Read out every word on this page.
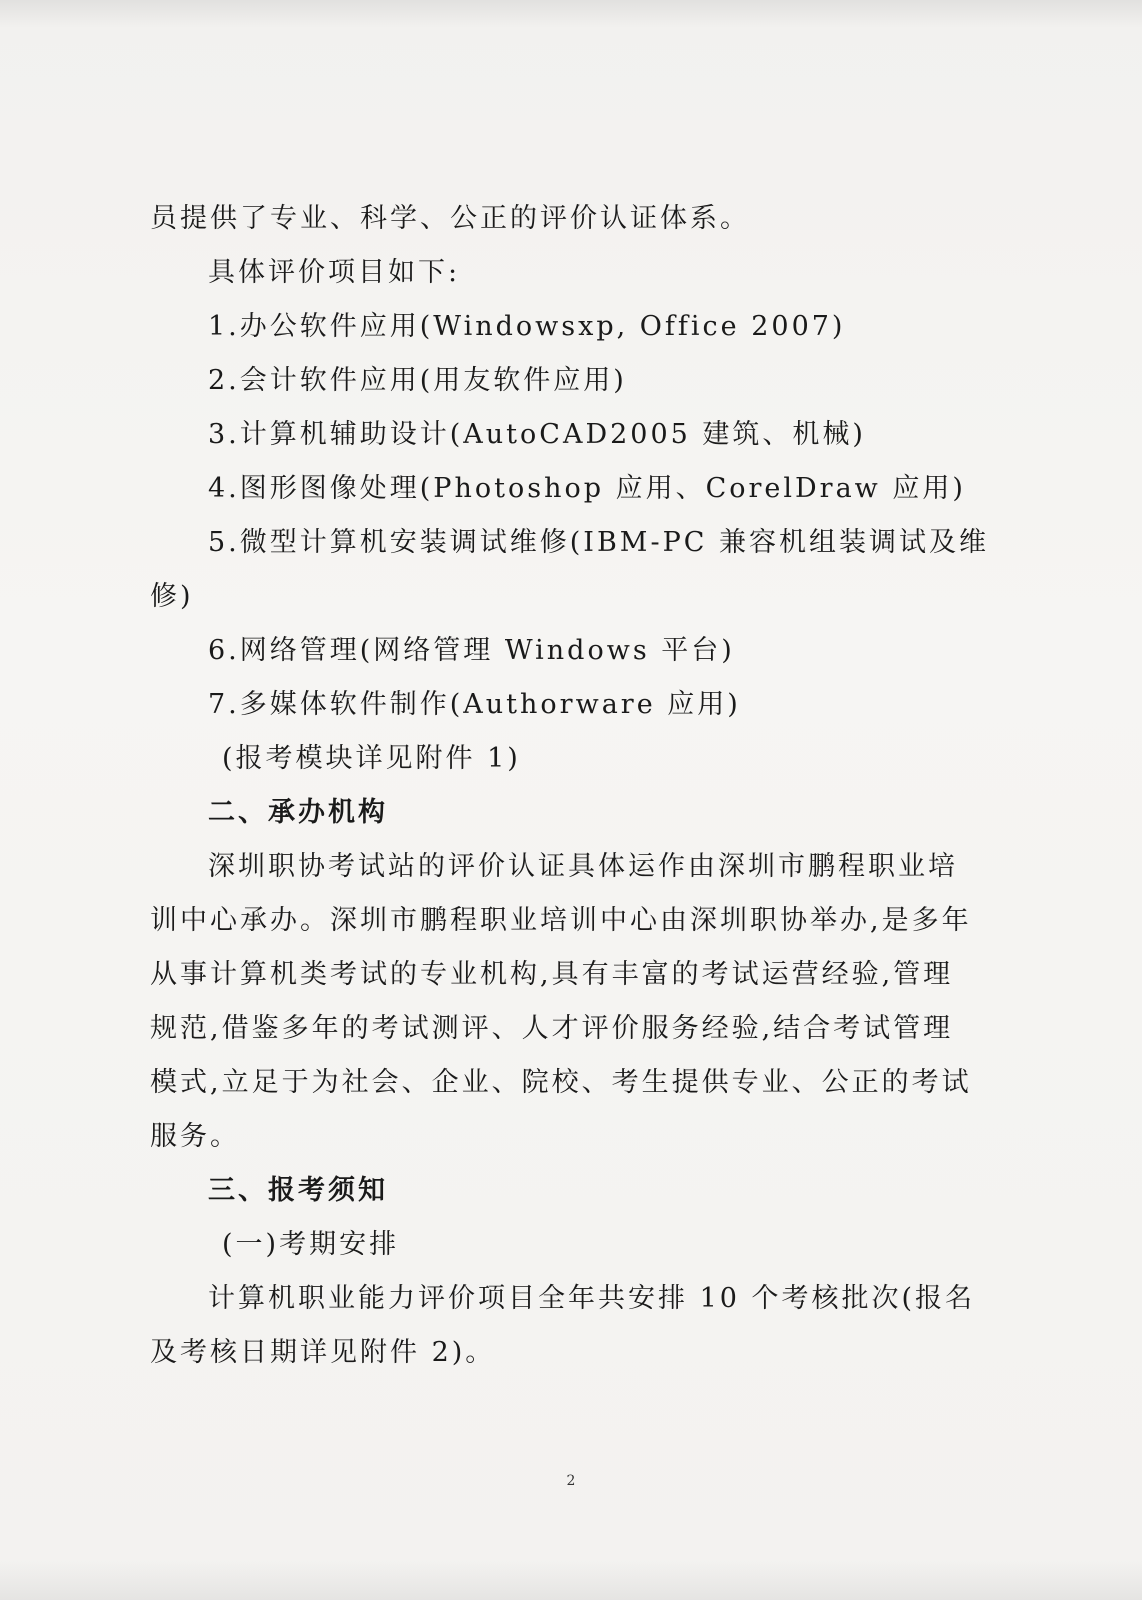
员提供了专业、科学、公正的评价认证体系。
具体评价项目如下:
1.办公软件应用(Windowsxp, Office 2007)
2.会计软件应用(用友软件应用)
3.计算机辅助设计(AutoCAD2005 建筑、机械)
4.图形图像处理(Photoshop 应用、CorelDraw 应用)
5.微型计算机安装调试维修(IBM-PC 兼容机组装调试及维
修)
6.网络管理(网络管理 Windows 平台)
7.多媒体软件制作(Authorware 应用)
(报考模块详见附件 1)
二、承办机构
深圳职协考试站的评价认证具体运作由深圳市鹏程职业培
训中心承办。深圳市鹏程职业培训中心由深圳职协举办,是多年
从事计算机类考试的专业机构,具有丰富的考试运营经验,管理
规范,借鉴多年的考试测评、人才评价服务经验,结合考试管理
模式,立足于为社会、企业、院校、考生提供专业、公正的考试
服务。
三、报考须知
(一)考期安排
计算机职业能力评价项目全年共安排 10 个考核批次(报名
及考核日期详见附件 2)。
2
